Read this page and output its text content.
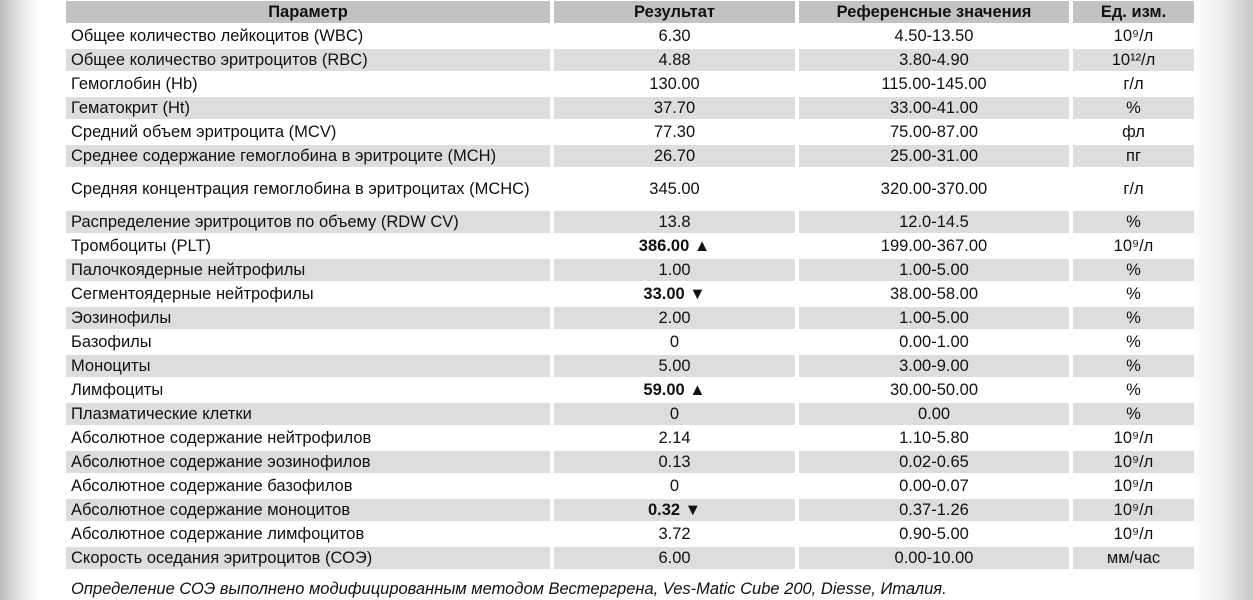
Параметр	Результат	Референсные значения	Ед. изм.
Общее количество лейкоцитов (WBC)	6.30	4.50-13.50	10⁹/л
Общее количество эритроцитов (RBC)	4.88	3.80-4.90	10¹²/л
Гемоглобин (Hb)	130.00	115.00-145.00	г/л
Гематокрит (Ht)	37.70	33.00-41.00	%
Средний объем эритроцита (MCV)	77.30	75.00-87.00	фл
Среднее содержание гемоглобина в эритроците (MCH)	26.70	25.00-31.00	пг
Средняя концентрация гемоглобина в эритроцитах (MCHC)	345.00	320.00-370.00	г/л
Распределение эритроцитов по объему (RDW CV)	13.8	12.0-14.5	%
Тромбоциты (PLT)	386.00 ▲	199.00-367.00	10⁹/л
Палочкоядерные нейтрофилы	1.00	1.00-5.00	%
Сегментоядерные нейтрофилы	33.00 ▼	38.00-58.00	%
Эозинофилы	2.00	1.00-5.00	%
Базофилы	0	0.00-1.00	%
Моноциты	5.00	3.00-9.00	%
Лимфоциты	59.00 ▲	30.00-50.00	%
Плазматические клетки	0	0.00	%
Абсолютное содержание нейтрофилов	2.14	1.10-5.80	10⁹/л
Абсолютное содержание эозинофилов	0.13	0.02-0.65	10⁹/л
Абсолютное содержание базофилов	0	0.00-0.07	10⁹/л
Абсолютное содержание моноцитов	0.32 ▼	0.37-1.26	10⁹/л
Абсолютное содержание лимфоцитов	3.72	0.90-5.00	10⁹/л
Скорость оседания эритроцитов (СОЭ)	6.00	0.00-10.00	мм/час
Определение СОЭ выполнено модифицированным методом Вестергрена, Ves-Matic Cube 200, Diesse, Италия.
